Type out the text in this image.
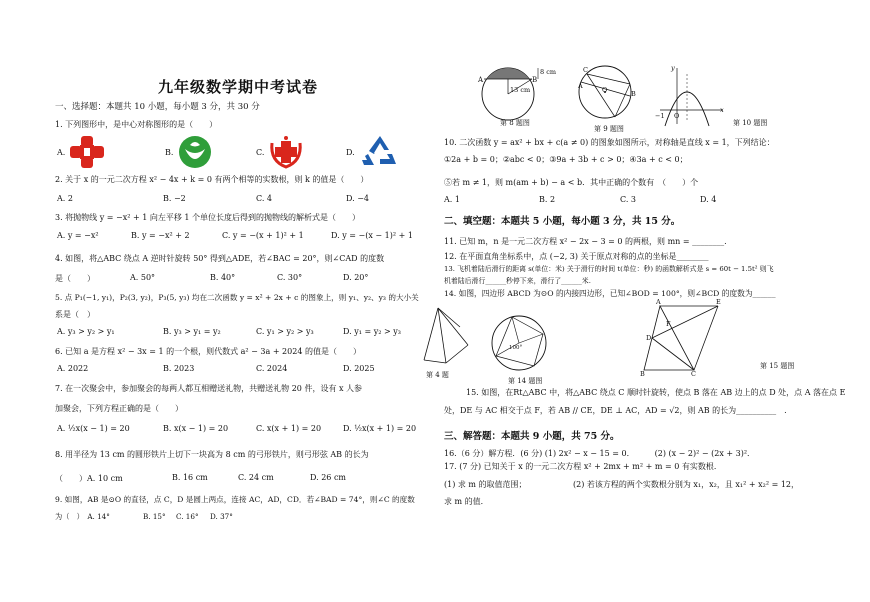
九年级数学期中考试卷
一、选择题：本题共 10 小题，每小题 3 分，共 30 分
1. 下列图形中，是中心对称图形的是（　　）
A.	B.	C.	D.
2. 关于 x 的一元二次方程 x² − 4x + k = 0 有两个相等的实数根，则 k 的值是（　　）
A. 2	B. −2	C. 4	D. −4
3. 将抛物线 y = −x² + 1 向左平移 1 个单位长度后得到的抛物线的解析式是（　　）
A. y = −x²	B. y = −x² + 2	C. y = −(x + 1)² + 1	D. y = −(x − 1)² + 1
4. 如图，将△ABC 绕点 A 逆时针旋转 50° 得到△ADE，若∠BAC = 20°，则∠CAD 的度数
是（　　）	A. 50°	B. 40°	C. 30°	D. 20°
5. 点 P₁(−1, y₁)，P₂(3, y₂)，P₃(5, y₃) 均在二次函数 y = x² + 2x + c 的图象上，则 y₁、y₂、y₃ 的大小关
系是（　）
A. y₃ > y₂ > y₁	B. y₃ > y₁ = y₂	C. y₁ > y₂ > y₃	D. y₁ = y₂ > y₃
6. 已知 a 是方程 x² − 3x = 1 的一个根，则代数式 a² − 3a + 2024 的值是（　　）
A. 2022	B. 2023	C. 2024	D. 2025
7. 在一次聚会中，参加聚会的每两人都互相赠送礼物，共赠送礼物 20 件，设有 x 人参
加聚会，下列方程正确的是（　　）
A. ½x(x − 1) = 20	B. x(x − 1) = 20	C. x(x + 1) = 20	D. ½x(x + 1) = 20
8. 用半径为 13 cm 的圆形铁片上切下一块高为 8 cm 的弓形铁片，则弓形弦 AB 的长为
（　　）A. 10 cm	B. 16 cm	C. 24 cm	D. 26 cm
9. 如图，AB 是⊙O 的直径，点 C，D 是圆上两点，连接 AC，AD，CD．若∠BAD = 74°，则∠C 的度数
为（　）　A. 14°	B. 15° C. 16° D. 37°
第 4 题
A	B
8 cm
13 cm
第 8 题图
C
A
B
O
第 9 题图
y
x
−1 O
第 10 题图
10. 二次函数 y = ax² + bx + c(a ≠ 0) 的图象如图所示，对称轴是直线 x = 1，下列结论：
①2a + b = 0；②abc < 0；③9a + 3b + c > 0；④3a + c < 0；
⑤若 m ≠ 1，则 m(am + b) − a < b．其中正确的个数有　（　　）个
A. 1	B. 2	C. 3	D. 4
二、填空题：本题共 5 小题，每小题 3 分，共 15 分。
11. 已知 m，n 是一元二次方程 x² − 2x − 3 = 0 的两根，则 mn = ________.
12. 在平面直角坐标系中，点 (−2, 3) 关于原点对称的点的坐标是________
13. 飞机着陆后滑行的距离 s(单位：米) 关于滑行的时间 t(单位：秒) 的函数解析式是 s = 60t − 1.5t² 则飞
机着陆后滑行______秒停下来，滑行了______米.
14. 如图，四边形 ABCD 为⊙O 的内接四边形，已知∠BOD = 100°，则∠BCD 的度数为______
100°
第 14 题图
A	E
D
F
B	C
第 15 题图
15. 如图，在Rt△ABC 中，将△ABC 绕点 C 顺时针旋转，使点 B 落在 AB 边上的点 D 处，点 A 落在点 E
处，DE 与 AC 相交于点 F，若 AB // CE，DE ⊥ AC，AD = √2，则 AB 的长为__________　.
三、解答题：本题共 9 小题，共 75 分。
16.（6 分）解方程．(6 分) (1) 2x² − x − 15 = 0．　　　(2) (x − 2)² − (2x + 3)²．
17. (7 分) 已知关于 x 的一元二次方程 x² + 2mx + m² + m = 0 有实数根．
(1) 求 m 的取值范围；	(2) 若该方程的两个实数根分别为 x₁，x₂，且 x₁² + x₂² = 12，
求 m 的值．
